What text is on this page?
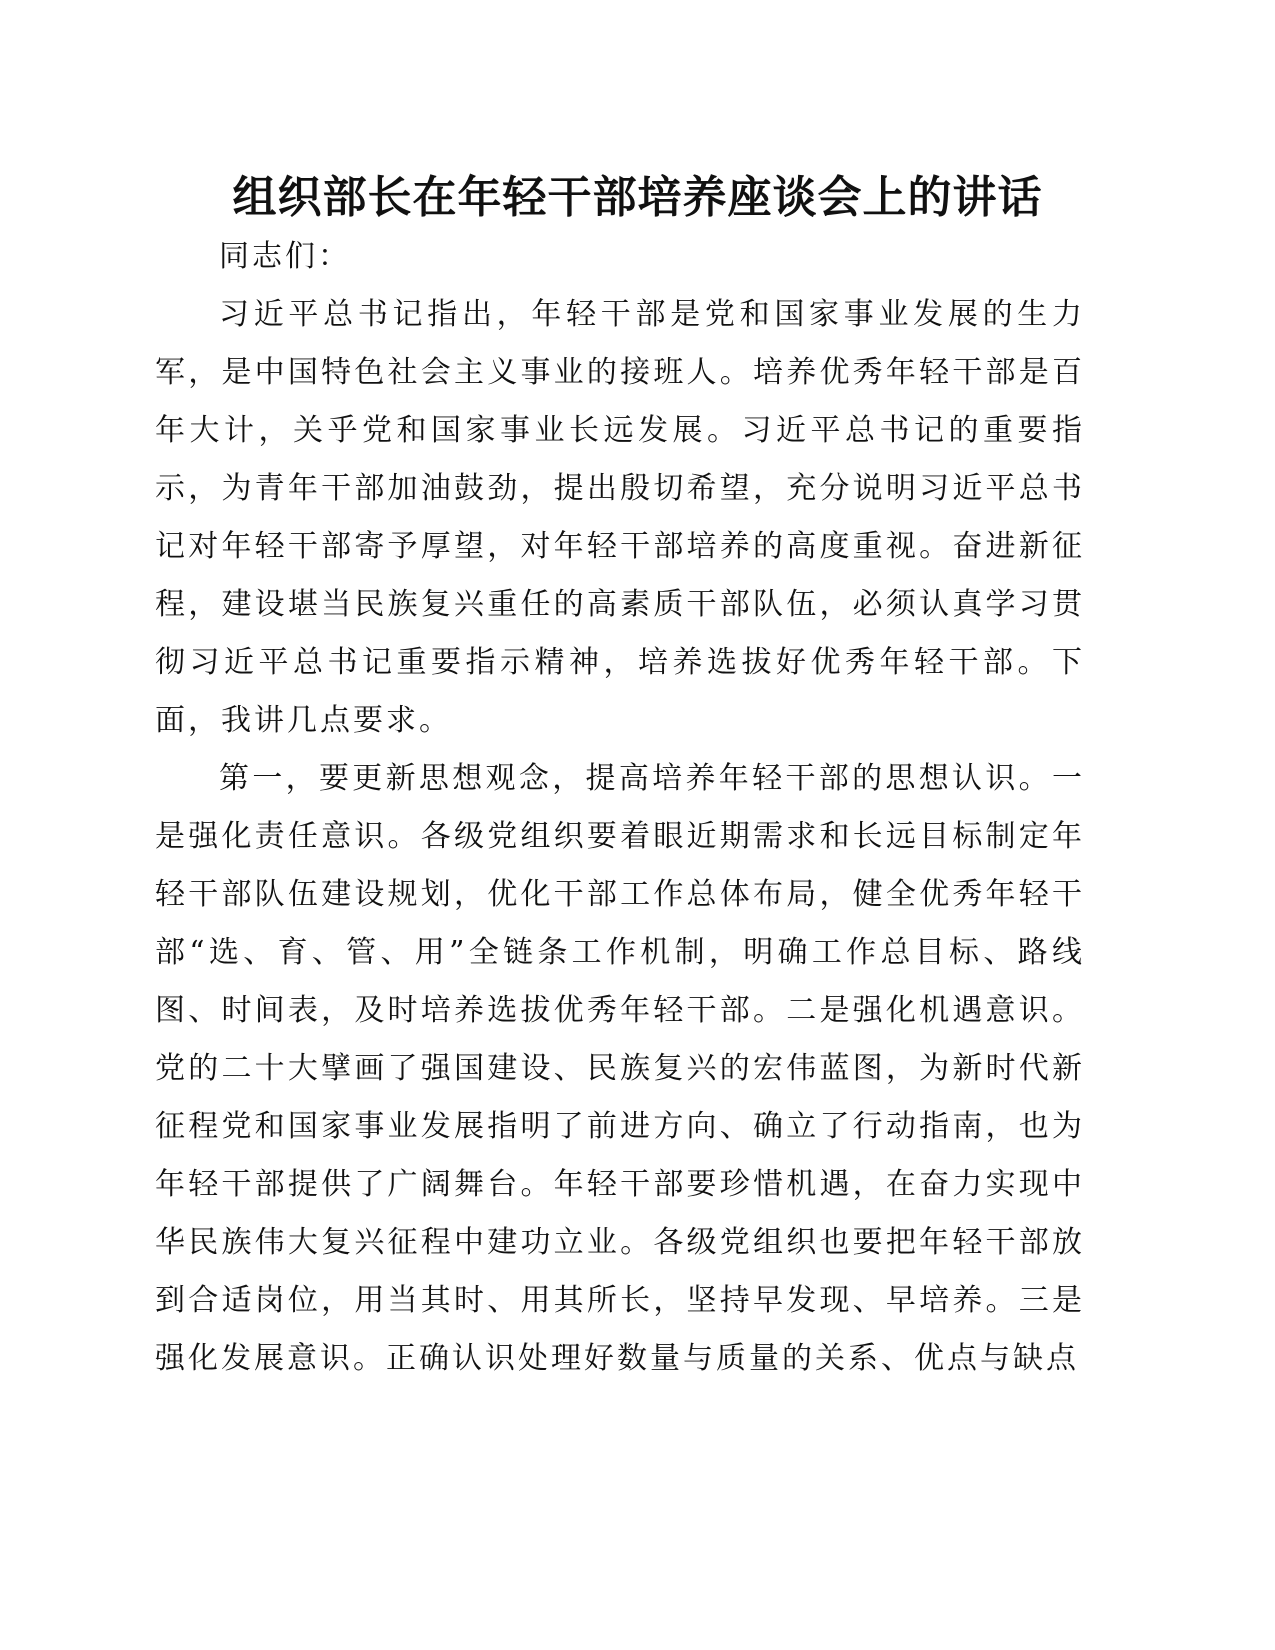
组织部长在年轻干部培养座谈会上的讲话

同志们：

习近平总书记指出，年轻干部是党和国家事业发展的生力军，是中国特色社会主义事业的接班人。培养优秀年轻干部是百年大计，关乎党和国家事业长远发展。习近平总书记的重要指示，为青年干部加油鼓劲，提出殷切希望，充分说明习近平总书记对年轻干部寄予厚望，对年轻干部培养的高度重视。奋进新征程，建设堪当民族复兴重任的高素质干部队伍，必须认真学习贯彻习近平总书记重要指示精神，培养选拔好优秀年轻干部。下面，我讲几点要求。

第一，要更新思想观念，提高培养年轻干部的思想认识。一是强化责任意识。各级党组织要着眼近期需求和长远目标制定年轻干部队伍建设规划，优化干部工作总体布局，健全优秀年轻干部“选、育、管、用”全链条工作机制，明确工作总目标、路线图、时间表，及时培养选拔优秀年轻干部。二是强化机遇意识。党的二十大擘画了强国建设、民族复兴的宏伟蓝图，为新时代新征程党和国家事业发展指明了前进方向、确立了行动指南，也为年轻干部提供了广阔舞台。年轻干部要珍惜机遇，在奋力实现中华民族伟大复兴征程中建功立业。各级党组织也要把年轻干部放到合适岗位，用当其时、用其所长，坚持早发现、早培养。三是强化发展意识。正确认识处理好数量与质量的关系、优点与缺点
